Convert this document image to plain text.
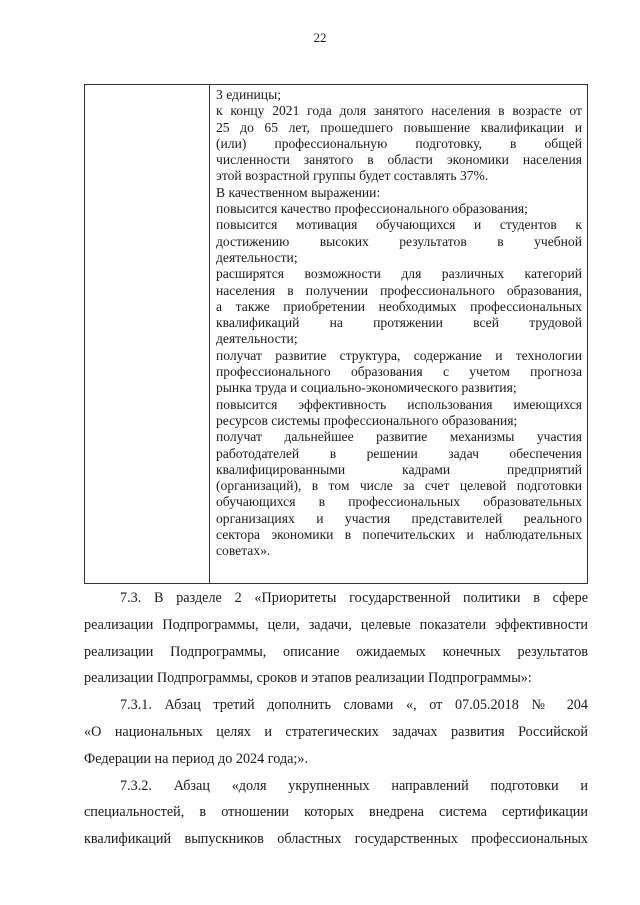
22
3 единицы;
к концу 2021 года доля занятого населения в возрасте от
25 до 65 лет, прошедшего повышение квалификации и
(или) профессиональную подготовку, в общей
численности занятого в области экономики населения
этой возрастной группы будет составлять 37%.
В качественном выражении:
повысится качество профессионального образования;
повысится мотивация обучающихся и студентов к
достижению высоких результатов в учебной
деятельности;
расширятся возможности для различных категорий
населения в получении профессионального образования,
а также приобретении необходимых профессиональных
квалификаций на протяжении всей трудовой
деятельности;
получат развитие структура, содержание и технологии
профессионального образования с учетом прогноза
рынка труда и социально-экономического развития;
повысится эффективность использования имеющихся
ресурсов системы профессионального образования;
получат дальнейшее развитие механизмы участия
работодателей в решении задач обеспечения
квалифицированными кадрами предприятий
(организаций), в том числе за счет целевой подготовки
обучающихся в профессиональных образовательных
организациях и участия представителей реального
сектора экономики в попечительских и наблюдательных
советах».
7.3. В разделе 2 «Приоритеты государственной политики в сфере
реализации Подпрограммы, цели, задачи, целевые показатели эффективности
реализации Подпрограммы, описание ожидаемых конечных результатов
реализации Подпрограммы, сроков и этапов реализации Подпрограммы»:
7.3.1. Абзац третий дополнить словами «, от 07.05.2018 № 204
«О национальных целях и стратегических задачах развития Российской
Федерации на период до 2024 года;».
7.3.2. Абзац «доля укрупненных направлений подготовки и
специальностей, в отношении которых внедрена система сертификации
квалификаций выпускников областных государственных профессиональных
